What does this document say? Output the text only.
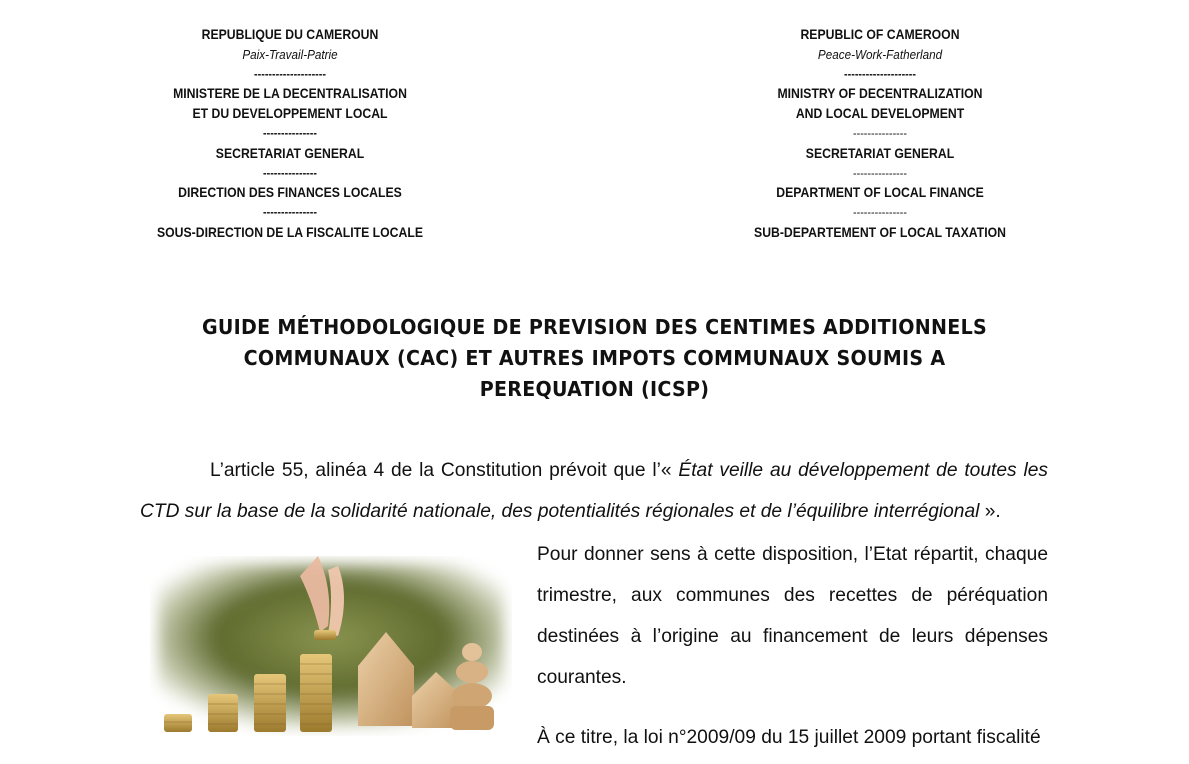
REPUBLIQUE DU CAMEROUN
Paix-Travail-Patrie
--------------------
MINISTERE DE LA DECENTRALISATION
ET DU DEVELOPPEMENT LOCAL
---------------
SECRETARIAT GENERAL
---------------
DIRECTION DES FINANCES LOCALES
---------------
SOUS-DIRECTION DE LA FISCALITE LOCALE
REPUBLIC OF CAMEROON
Peace-Work-Fatherland
--------------------
MINISTRY OF DECENTRALIZATION
AND LOCAL DEVELOPMENT
---------------
SECRETARIAT GENERAL
---------------
DEPARTMENT OF LOCAL FINANCE
---------------
SUB-DEPARTEMENT OF LOCAL TAXATION
GUIDE MÉTHODOLOGIQUE DE PREVISION DES CENTIMES ADDITIONNELS
COMMUNAUX (CAC) ET AUTRES IMPOTS COMMUNAUX SOUMIS A
PEREQUATION (ICSP)

L’article 55, alinéa 4 de la Constitution prévoit que l’« État veille au développement de toutes les CTD sur la base de la solidarité nationale, des potentialités régionales et de l’équilibre interrégional ».

Pour donner sens à cette disposition, l’Etat répartit, chaque trimestre, aux communes des recettes de péréquation destinées à l’origine au financement de leurs dépenses courantes.

À ce titre, la loi n°2009/09 du 15 juillet 2009 portant fiscalité
